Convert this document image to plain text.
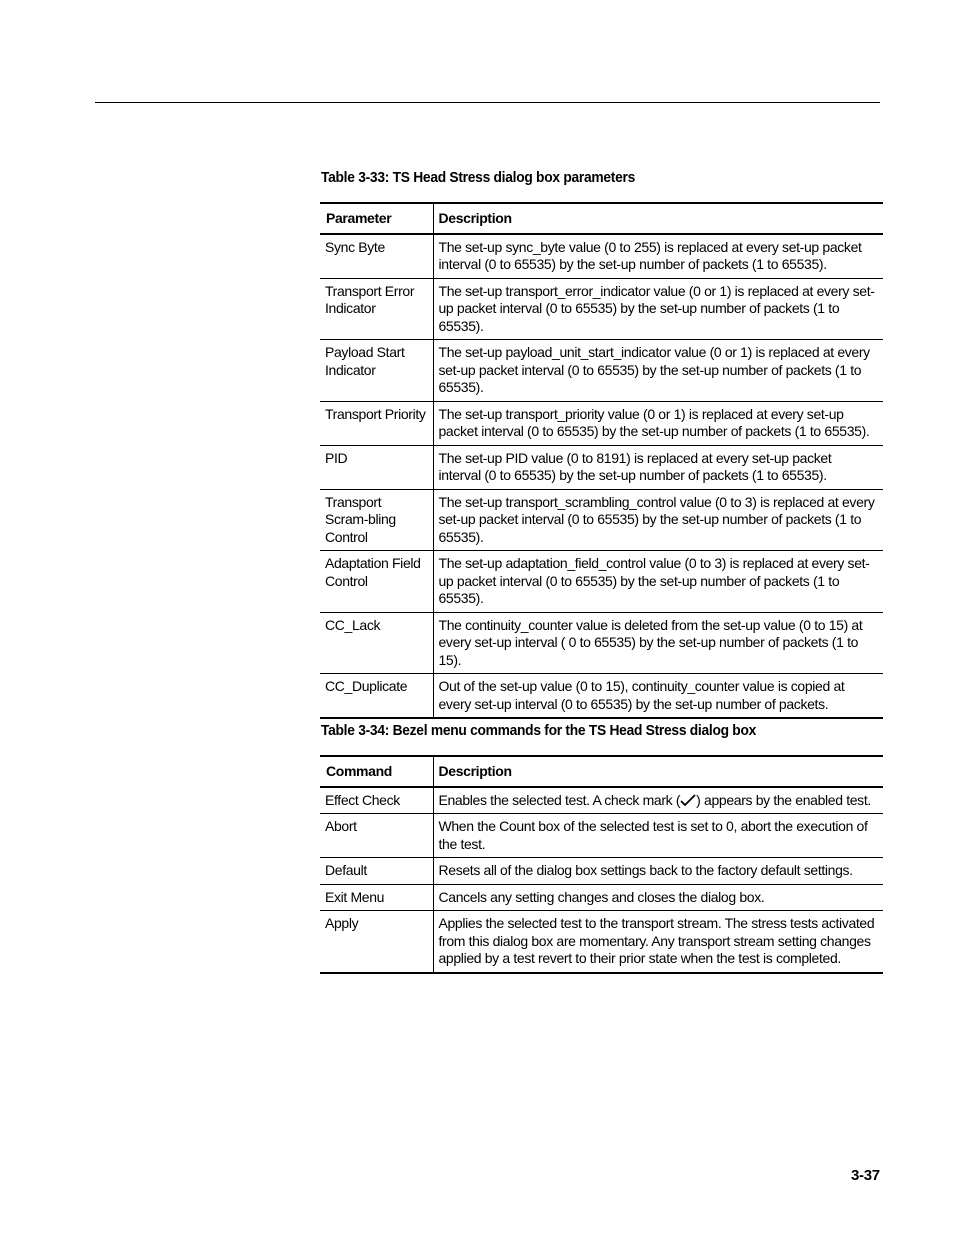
Table 3-33: TS Head Stress dialog box parameters
Parameter	Description
Sync Byte	The set-up sync_byte value (0 to 255) is replaced at every set-up packet interval (0 to 65535) by the set-up number of packets (1 to 65535).
Transport Error Indicator	The set-up transport_error_indicator value (0 or 1) is replaced at every set-up packet interval (0 to 65535) by the set-up number of packets (1 to 65535).
Payload Start Indicator	The set-up payload_unit_start_indicator value (0 or 1) is replaced at every set-up packet interval (0 to 65535) by the set-up number of packets (1 to 65535).
Transport Priority	The set-up transport_priority value (0 or 1) is replaced at every set-up packet interval (0 to 65535) by the set-up number of packets (1 to 65535).
PID	The set-up PID value (0 to 8191) is replaced at every set-up packet interval (0 to 65535) by the set-up number of packets (1 to 65535).
Transport Scram-bling Control	The set-up transport_scrambling_control value (0 to 3) is replaced at every set-up packet interval (0 to 65535) by the set-up number of packets (1 to 65535).
Adaptation Field Control	The set-up adaptation_field_control value (0 to 3) is replaced at every set-up packet interval (0 to 65535) by the set-up number of packets (1 to 65535).
CC_Lack	The continuity_counter value is deleted from the set-up value (0 to 15) at every set-up interval ( 0 to 65535) by the set-up number of packets (1 to 15).
CC_Duplicate	Out of the set-up value (0 to 15), continuity_counter value is copied at every set-up interval (0 to 65535) by the set-up number of packets.
Table 3-34: Bezel menu commands for the TS Head Stress dialog box
Command	Description
Effect Check	Enables the selected test. A check mark ( ) appears by the enabled test.
Abort	When the Count box of the selected test is set to 0, abort the execution of the test.
Default	Resets all of the dialog box settings back to the factory default settings.
Exit Menu	Cancels any setting changes and closes the dialog box.
Apply	Applies the selected test to the transport stream. The stress tests activated from this dialog box are momentary. Any transport stream setting changes applied by a test revert to their prior state when the test is completed.
3-37
